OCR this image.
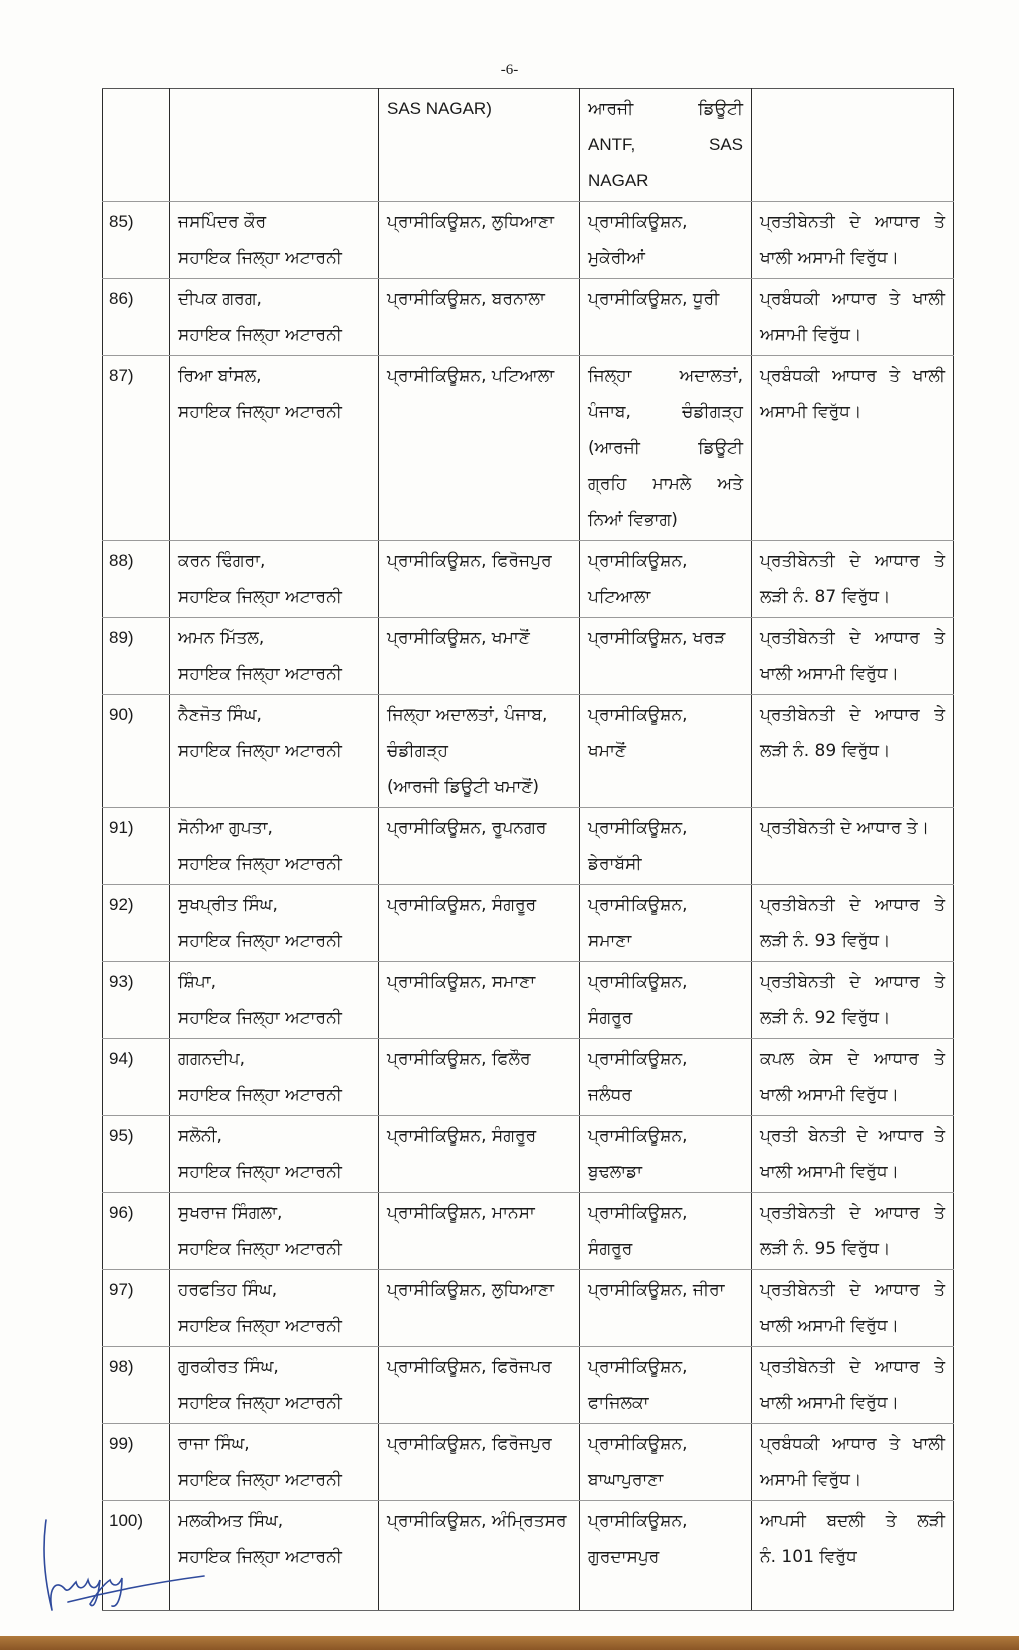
-6-
		SAS NAGAR)	ਆਰਜੀ ਡਿਊਟੀ
ANTF, SAS
NAGAR	

85)	ਜਸਪਿੰਦਰ ਕੌਰ
ਸਹਾਇਕ ਜਿਲ੍ਹਾ ਅਟਾਰਨੀ	ਪ੍ਰਾਸੀਕਿਊਸ਼ਨ, ਲੁਧਿਆਣਾ	ਪ੍ਰਾਸੀਕਿਊਸ਼ਨ,
ਮੁਕੇਰੀਆਂ	ਪ੍ਰਤੀਬੇਨਤੀ ਦੇ ਆਧਾਰ ਤੇ
ਖਾਲੀ ਅਸਾਮੀ ਵਿਰੁੱਧ।

86)	ਦੀਪਕ ਗਰਗ,
ਸਹਾਇਕ ਜਿਲ੍ਹਾ ਅਟਾਰਨੀ	ਪ੍ਰਾਸੀਕਿਊਸ਼ਨ, ਬਰਨਾਲਾ	ਪ੍ਰਾਸੀਕਿਊਸ਼ਨ, ਧੂਰੀ	ਪ੍ਰਬੰਧਕੀ ਆਧਾਰ ਤੇ ਖਾਲੀ
ਅਸਾਮੀ ਵਿਰੁੱਧ।

87)	ਰਿਆ ਬਾਂਸਲ,
ਸਹਾਇਕ ਜਿਲ੍ਹਾ ਅਟਾਰਨੀ	ਪ੍ਰਾਸੀਕਿਊਸ਼ਨ, ਪਟਿਆਲਾ	ਜਿਲ੍ਹਾ ਅਦਾਲਤਾਂ,
ਪੰਜਾਬ, ਚੰਡੀਗੜ੍ਹ
(ਆਰਜੀ ਡਿਊਟੀ
ਗ੍ਰਹਿ ਮਾਮਲੇ ਅਤੇ
ਨਿਆਂ ਵਿਭਾਗ)	ਪ੍ਰਬੰਧਕੀ ਆਧਾਰ ਤੇ ਖਾਲੀ
ਅਸਾਮੀ ਵਿਰੁੱਧ।

88)	ਕਰਨ ਢਿੰਗਰਾ,
ਸਹਾਇਕ ਜਿਲ੍ਹਾ ਅਟਾਰਨੀ	ਪ੍ਰਾਸੀਕਿਊਸ਼ਨ, ਫਿਰੋਜਪੁਰ	ਪ੍ਰਾਸੀਕਿਊਸ਼ਨ,
ਪਟਿਆਲਾ	ਪ੍ਰਤੀਬੇਨਤੀ ਦੇ ਆਧਾਰ ਤੇ
ਲੜੀ ਨੰ. 87 ਵਿਰੁੱਧ।

89)	ਅਮਨ ਮਿੱਤਲ,
ਸਹਾਇਕ ਜਿਲ੍ਹਾ ਅਟਾਰਨੀ	ਪ੍ਰਾਸੀਕਿਊਸ਼ਨ, ਖਮਾਣੋਂ	ਪ੍ਰਾਸੀਕਿਊਸ਼ਨ, ਖਰੜ	ਪ੍ਰਤੀਬੇਨਤੀ ਦੇ ਆਧਾਰ ਤੇ
ਖਾਲੀ ਅਸਾਮੀ ਵਿਰੁੱਧ।

90)	ਨੈਣਜੋਤ ਸਿੰਘ,
ਸਹਾਇਕ ਜਿਲ੍ਹਾ ਅਟਾਰਨੀ	ਜਿਲ੍ਹਾ ਅਦਾਲਤਾਂ, ਪੰਜਾਬ,
ਚੰਡੀਗੜ੍ਹ
(ਆਰਜੀ ਡਿਊਟੀ ਖਮਾਣੋਂ)	ਪ੍ਰਾਸੀਕਿਊਸ਼ਨ,
ਖਮਾਣੋਂ	ਪ੍ਰਤੀਬੇਨਤੀ ਦੇ ਆਧਾਰ ਤੇ
ਲੜੀ ਨੰ. 89 ਵਿਰੁੱਧ।

91)	ਸੋਨੀਆ ਗੁਪਤਾ,
ਸਹਾਇਕ ਜਿਲ੍ਹਾ ਅਟਾਰਨੀ	ਪ੍ਰਾਸੀਕਿਊਸ਼ਨ, ਰੂਪਨਗਰ	ਪ੍ਰਾਸੀਕਿਊਸ਼ਨ,
ਡੇਰਾਬੱਸੀ	ਪ੍ਰਤੀਬੇਨਤੀ ਦੇ ਆਧਾਰ ਤੇ।

92)	ਸੁਖਪ੍ਰੀਤ ਸਿੰਘ,
ਸਹਾਇਕ ਜਿਲ੍ਹਾ ਅਟਾਰਨੀ	ਪ੍ਰਾਸੀਕਿਊਸ਼ਨ, ਸੰਗਰੂਰ	ਪ੍ਰਾਸੀਕਿਊਸ਼ਨ,
ਸਮਾਣਾ	ਪ੍ਰਤੀਬੇਨਤੀ ਦੇ ਆਧਾਰ ਤੇ
ਲੜੀ ਨੰ. 93 ਵਿਰੁੱਧ।

93)	ਸ਼ਿੰਪਾ,
ਸਹਾਇਕ ਜਿਲ੍ਹਾ ਅਟਾਰਨੀ	ਪ੍ਰਾਸੀਕਿਊਸ਼ਨ, ਸਮਾਣਾ	ਪ੍ਰਾਸੀਕਿਊਸ਼ਨ,
ਸੰਗਰੂਰ	ਪ੍ਰਤੀਬੇਨਤੀ ਦੇ ਆਧਾਰ ਤੇ
ਲੜੀ ਨੰ. 92 ਵਿਰੁੱਧ।

94)	ਗਗਨਦੀਪ,
ਸਹਾਇਕ ਜਿਲ੍ਹਾ ਅਟਾਰਨੀ	ਪ੍ਰਾਸੀਕਿਊਸ਼ਨ, ਫਿਲੌਰ	ਪ੍ਰਾਸੀਕਿਊਸ਼ਨ,
ਜਲੰਧਰ	ਕਪਲ ਕੇਸ ਦੇ ਆਧਾਰ ਤੇ
ਖਾਲੀ ਅਸਾਮੀ ਵਿਰੁੱਧ।

95)	ਸਲੋਨੀ,
ਸਹਾਇਕ ਜਿਲ੍ਹਾ ਅਟਾਰਨੀ	ਪ੍ਰਾਸੀਕਿਊਸ਼ਨ, ਸੰਗਰੂਰ	ਪ੍ਰਾਸੀਕਿਊਸ਼ਨ,
ਬੁਢਲਾਡਾ	ਪ੍ਰਤੀ ਬੇਨਤੀ ਦੇ ਆਧਾਰ ਤੇ
ਖਾਲੀ ਅਸਾਮੀ ਵਿਰੁੱਧ।

96)	ਸੁਖਰਾਜ ਸਿੰਗਲਾ,
ਸਹਾਇਕ ਜਿਲ੍ਹਾ ਅਟਾਰਨੀ	ਪ੍ਰਾਸੀਕਿਊਸ਼ਨ, ਮਾਨਸਾ	ਪ੍ਰਾਸੀਕਿਊਸ਼ਨ,
ਸੰਗਰੂਰ	ਪ੍ਰਤੀਬੇਨਤੀ ਦੇ ਆਧਾਰ ਤੇ
ਲੜੀ ਨੰ. 95 ਵਿਰੁੱਧ।

97)	ਹਰਫਤਿਹ ਸਿੰਘ,
ਸਹਾਇਕ ਜਿਲ੍ਹਾ ਅਟਾਰਨੀ	ਪ੍ਰਾਸੀਕਿਊਸ਼ਨ, ਲੁਧਿਆਣਾ	ਪ੍ਰਾਸੀਕਿਊਸ਼ਨ, ਜੀਰਾ	ਪ੍ਰਤੀਬੇਨਤੀ ਦੇ ਆਧਾਰ ਤੇ
ਖਾਲੀ ਅਸਾਮੀ ਵਿਰੁੱਧ।

98)	ਗੁਰਕੀਰਤ ਸਿੰਘ,
ਸਹਾਇਕ ਜਿਲ੍ਹਾ ਅਟਾਰਨੀ	ਪ੍ਰਾਸੀਕਿਊਸ਼ਨ, ਫਿਰੋਜਪਰ	ਪ੍ਰਾਸੀਕਿਊਸ਼ਨ,
ਫਾਜਿਲਕਾ	ਪ੍ਰਤੀਬੇਨਤੀ ਦੇ ਆਧਾਰ ਤੇ
ਖਾਲੀ ਅਸਾਮੀ ਵਿਰੁੱਧ।

99)	ਰਾਜਾ ਸਿੰਘ,
ਸਹਾਇਕ ਜਿਲ੍ਹਾ ਅਟਾਰਨੀ	ਪ੍ਰਾਸੀਕਿਊਸ਼ਨ, ਫਿਰੋਜਪੁਰ	ਪ੍ਰਾਸੀਕਿਊਸ਼ਨ,
ਬਾਘਾਪੁਰਾਣਾ	ਪ੍ਰਬੰਧਕੀ ਆਧਾਰ ਤੇ ਖਾਲੀ
ਅਸਾਮੀ ਵਿਰੁੱਧ।

100)	ਮਲਕੀਅਤ ਸਿੰਘ,
ਸਹਾਇਕ ਜਿਲ੍ਹਾ ਅਟਾਰਨੀ	ਪ੍ਰਾਸੀਕਿਊਸ਼ਨ, ਅੰਮ੍ਰਿਤਸਰ	ਪ੍ਰਾਸੀਕਿਊਸ਼ਨ,
ਗੁਰਦਾਸਪੁਰ	ਆਪਸੀ ਬਦਲੀ ਤੇ ਲੜੀ
ਨੰ. 101 ਵਿਰੁੱਧ
